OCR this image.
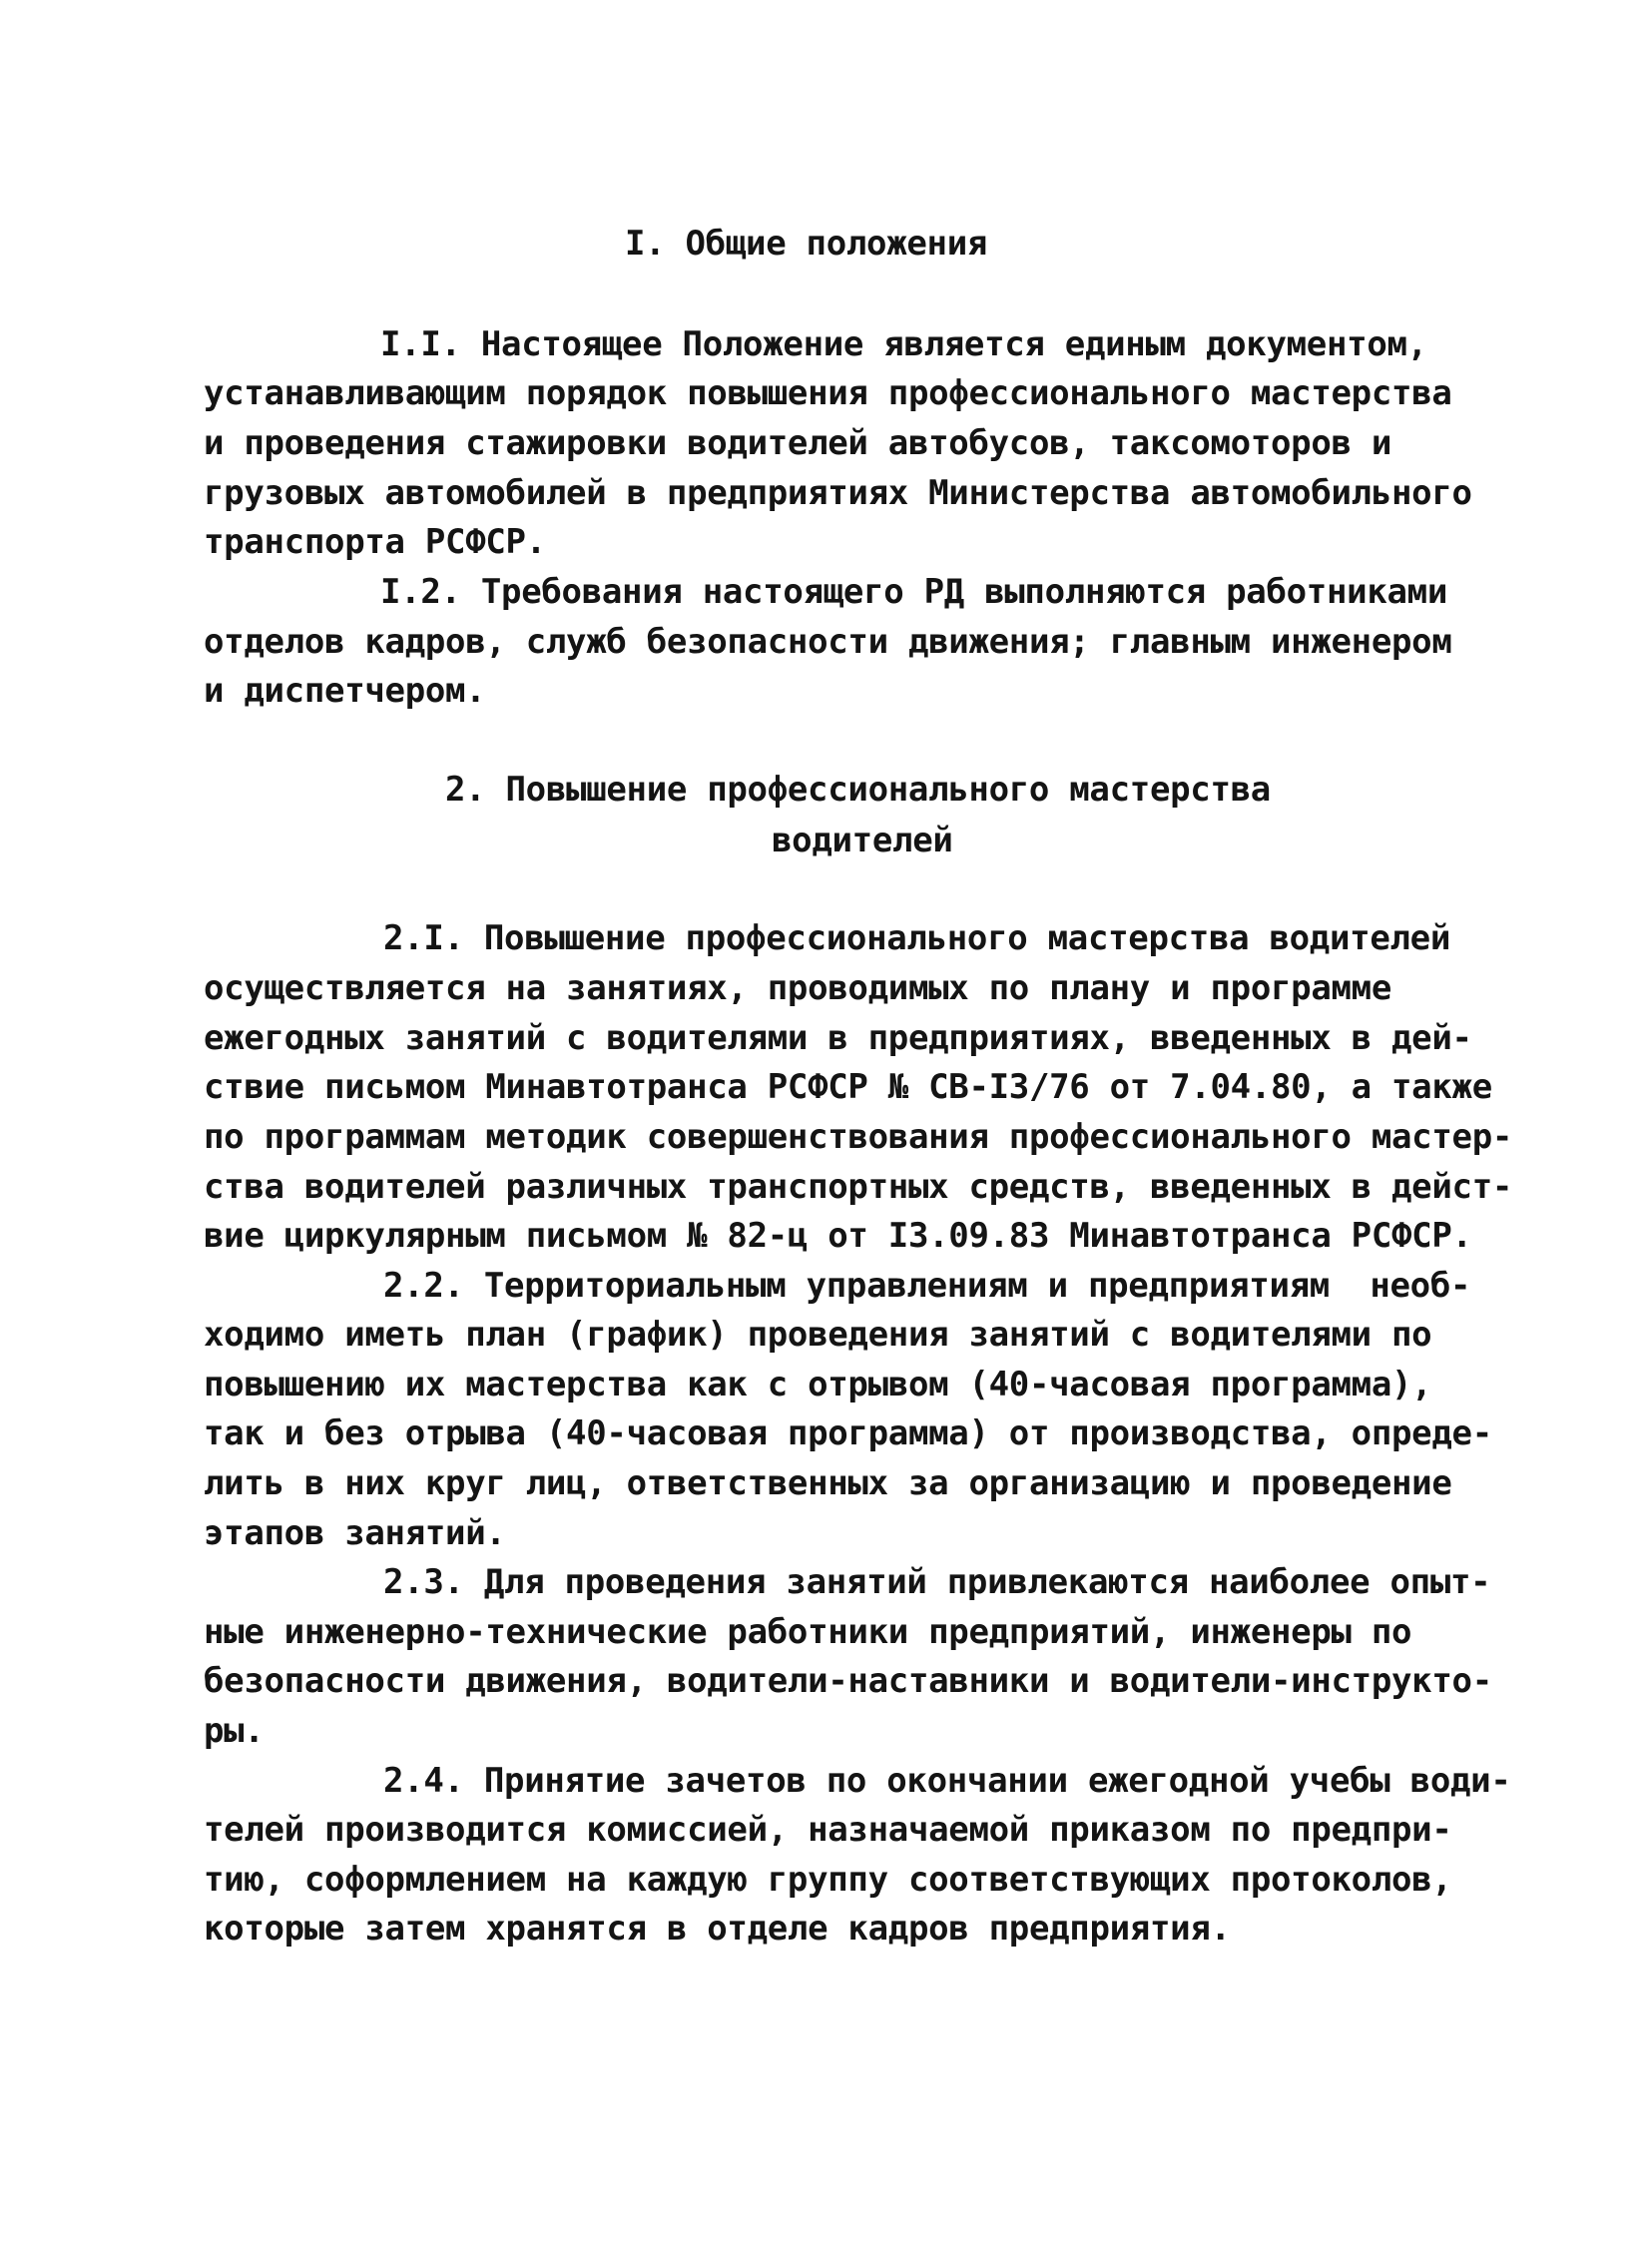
I. Общие положения
I.I. Настоящее Положение является единым документом,
устанавливающим порядок повышения профессионального мастерства
и проведения стажировки водителей автобусов, таксомоторов и
грузовых автомобилей в предприятиях Министерства автомобильного
транспорта РСФСР.
I.2. Требования настоящего РД выполняются работниками
отделов кадров, служб безопасности движения; главным инженером
и диспетчером.
2. Повышение профессионального мастерства
водителей
2.I. Повышение профессионального мастерства водителей
осуществляется на занятиях, проводимых по плану и программе
ежегодных занятий с водителями в предприятиях, введенных в дей-
ствие письмом Минавтотранса РСФСР № СВ-I3/76 от 7.04.80, а также
по программам методик совершенствования профессионального мастер-
ства водителей различных транспортных средств, введенных в дейст-
вие циркулярным письмом № 82-ц от I3.09.83 Минавтотранса РСФСР.
2.2. Территориальным управлениям и предприятиям  необ-
ходимо иметь план (график) проведения занятий с водителями по
повышению их мастерства как с отрывом (40-часовая программа),
так и без отрыва (40-часовая программа) от производства, опреде-
лить в них круг лиц, ответственных за организацию и проведение
этапов занятий.
2.3. Для проведения занятий привлекаются наиболее опыт-
ные инженерно-технические работники предприятий, инженеры по
безопасности движения, водители-наставники и водители-инструкто-
ры.
2.4. Принятие зачетов по окончании ежегодной учебы води-
телей производится комиссией, назначаемой приказом по предпри-
тию, соформлением на каждую группу соответствующих протоколов,
которые затем хранятся в отделе кадров предприятия.
